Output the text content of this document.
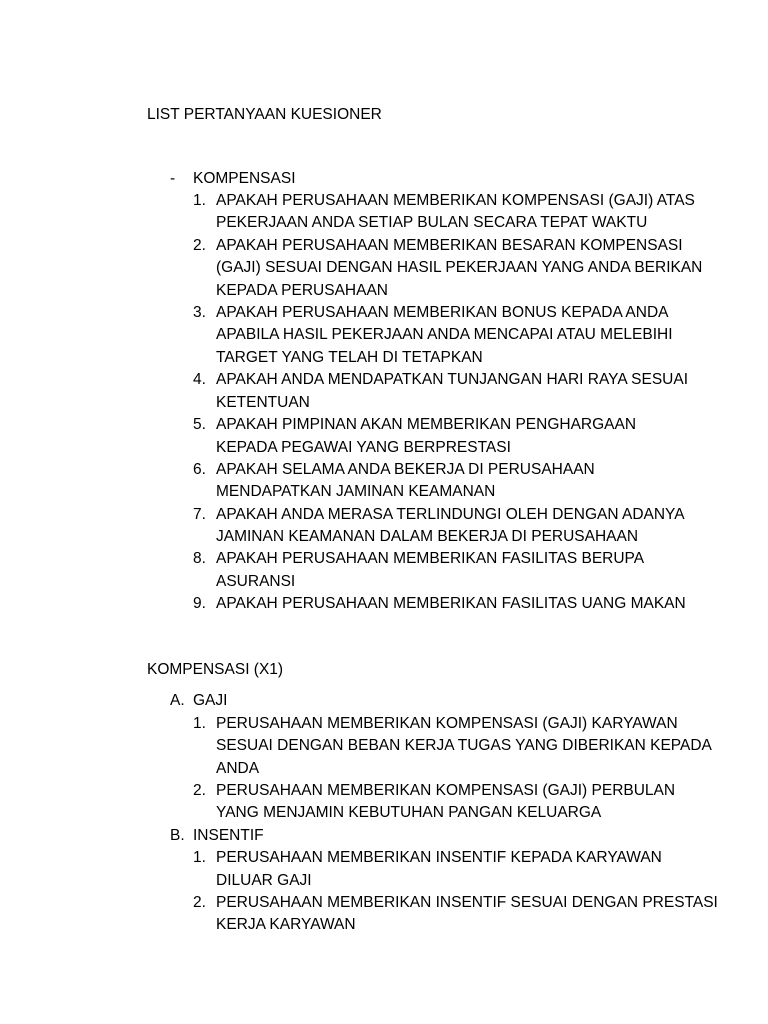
LIST PERTANYAAN KUESIONER
- KOMPENSASI
1. APAKAH PERUSAHAAN MEMBERIKAN KOMPENSASI (GAJI) ATAS
PEKERJAAN ANDA SETIAP BULAN SECARA TEPAT WAKTU
2. APAKAH PERUSAHAAN MEMBERIKAN BESARAN KOMPENSASI
(GAJI) SESUAI DENGAN HASIL PEKERJAAN YANG ANDA BERIKAN
KEPADA PERUSAHAAN
3. APAKAH PERUSAHAAN MEMBERIKAN BONUS KEPADA ANDA
APABILA HASIL PEKERJAAN ANDA MENCAPAI ATAU MELEBIHI
TARGET YANG TELAH DI TETAPKAN
4. APAKAH ANDA MENDAPATKAN TUNJANGAN HARI RAYA SESUAI
KETENTUAN
5. APAKAH PIMPINAN AKAN MEMBERIKAN PENGHARGAAN
KEPADA PEGAWAI YANG BERPRESTASI
6. APAKAH SELAMA ANDA BEKERJA DI PERUSAHAAN
MENDAPATKAN JAMINAN KEAMANAN
7. APAKAH ANDA MERASA TERLINDUNGI OLEH DENGAN ADANYA
JAMINAN KEAMANAN DALAM BEKERJA DI PERUSAHAAN
8. APAKAH PERUSAHAAN MEMBERIKAN FASILITAS BERUPA
ASURANSI
9. APAKAH PERUSAHAAN MEMBERIKAN FASILITAS UANG MAKAN
KOMPENSASI (X1)
A. GAJI
1. PERUSAHAAN MEMBERIKAN KOMPENSASI (GAJI) KARYAWAN
SESUAI DENGAN BEBAN KERJA TUGAS YANG DIBERIKAN KEPADA
ANDA
2. PERUSAHAAN MEMBERIKAN KOMPENSASI (GAJI) PERBULAN
YANG MENJAMIN KEBUTUHAN PANGAN KELUARGA
B. INSENTIF
1. PERUSAHAAN MEMBERIKAN INSENTIF KEPADA KARYAWAN
DILUAR GAJI
2. PERUSAHAAN MEMBERIKAN INSENTIF SESUAI DENGAN PRESTASI
KERJA KARYAWAN
